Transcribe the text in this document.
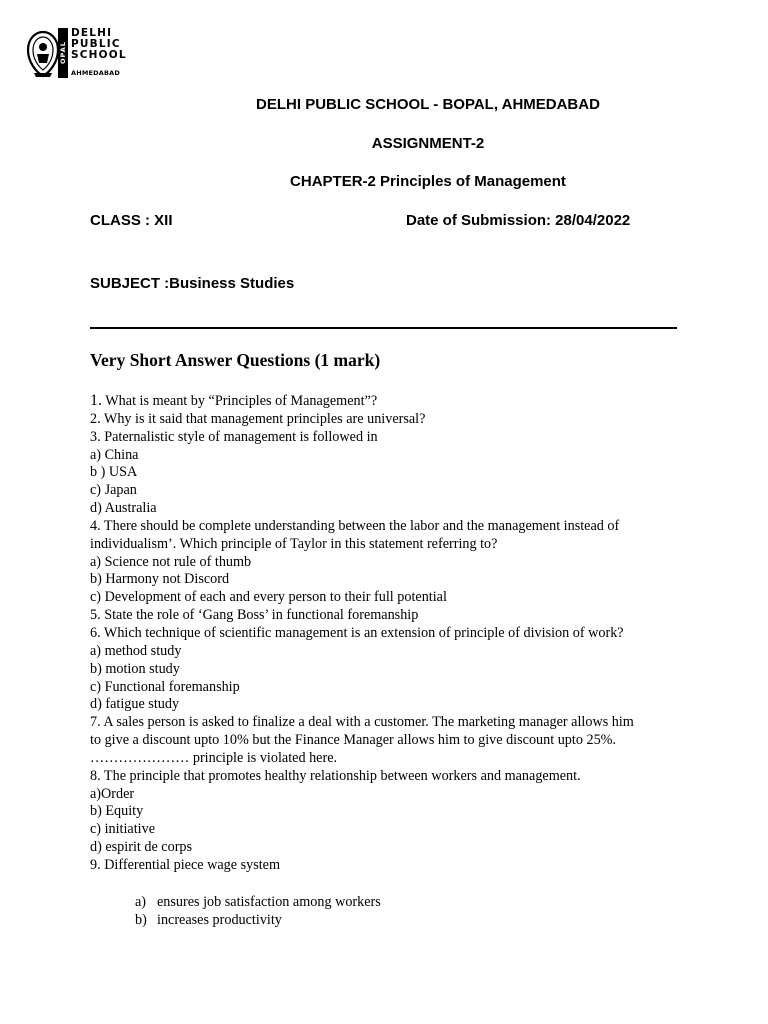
OPAL
DELHI
PUBLIC
SCHOOL
AHMEDABAD
DELHI PUBLIC SCHOOL - BOPAL, AHMEDABAD
ASSIGNMENT-2
CHAPTER-2 Principles of Management
CLASS : XII	Date of Submission: 28/04/2022
SUBJECT :Business Studies
Very Short Answer Questions (1 mark)
1. What is meant by “Principles of Management”?
2. Why is it said that management principles are universal?
3. Paternalistic style of management is followed in
a) China
b ) USA
c) Japan
d) Australia
4. There should be complete understanding between the labor and the management instead of
individualism’. Which principle of Taylor in this statement referring to?
a) Science not rule of thumb
b) Harmony not Discord
c) Development of each and every person to their full potential
5. State the role of ‘Gang Boss’ in functional foremanship
6. Which technique of scientific management is an extension of principle of division of work?
a) method study
b) motion study
c) Functional foremanship
d) fatigue study
7. A sales person is asked to finalize a deal with a customer. The marketing manager allows him
to give a discount upto 10% but the Finance Manager allows him to give discount upto 25%.
………………… principle is violated here.
8. The principle that promotes healthy relationship between workers and management.
a)Order
b) Equity
c) initiative
d) espirit de corps
9. Differential piece wage system
a) ensures job satisfaction among workers
b) increases productivity
